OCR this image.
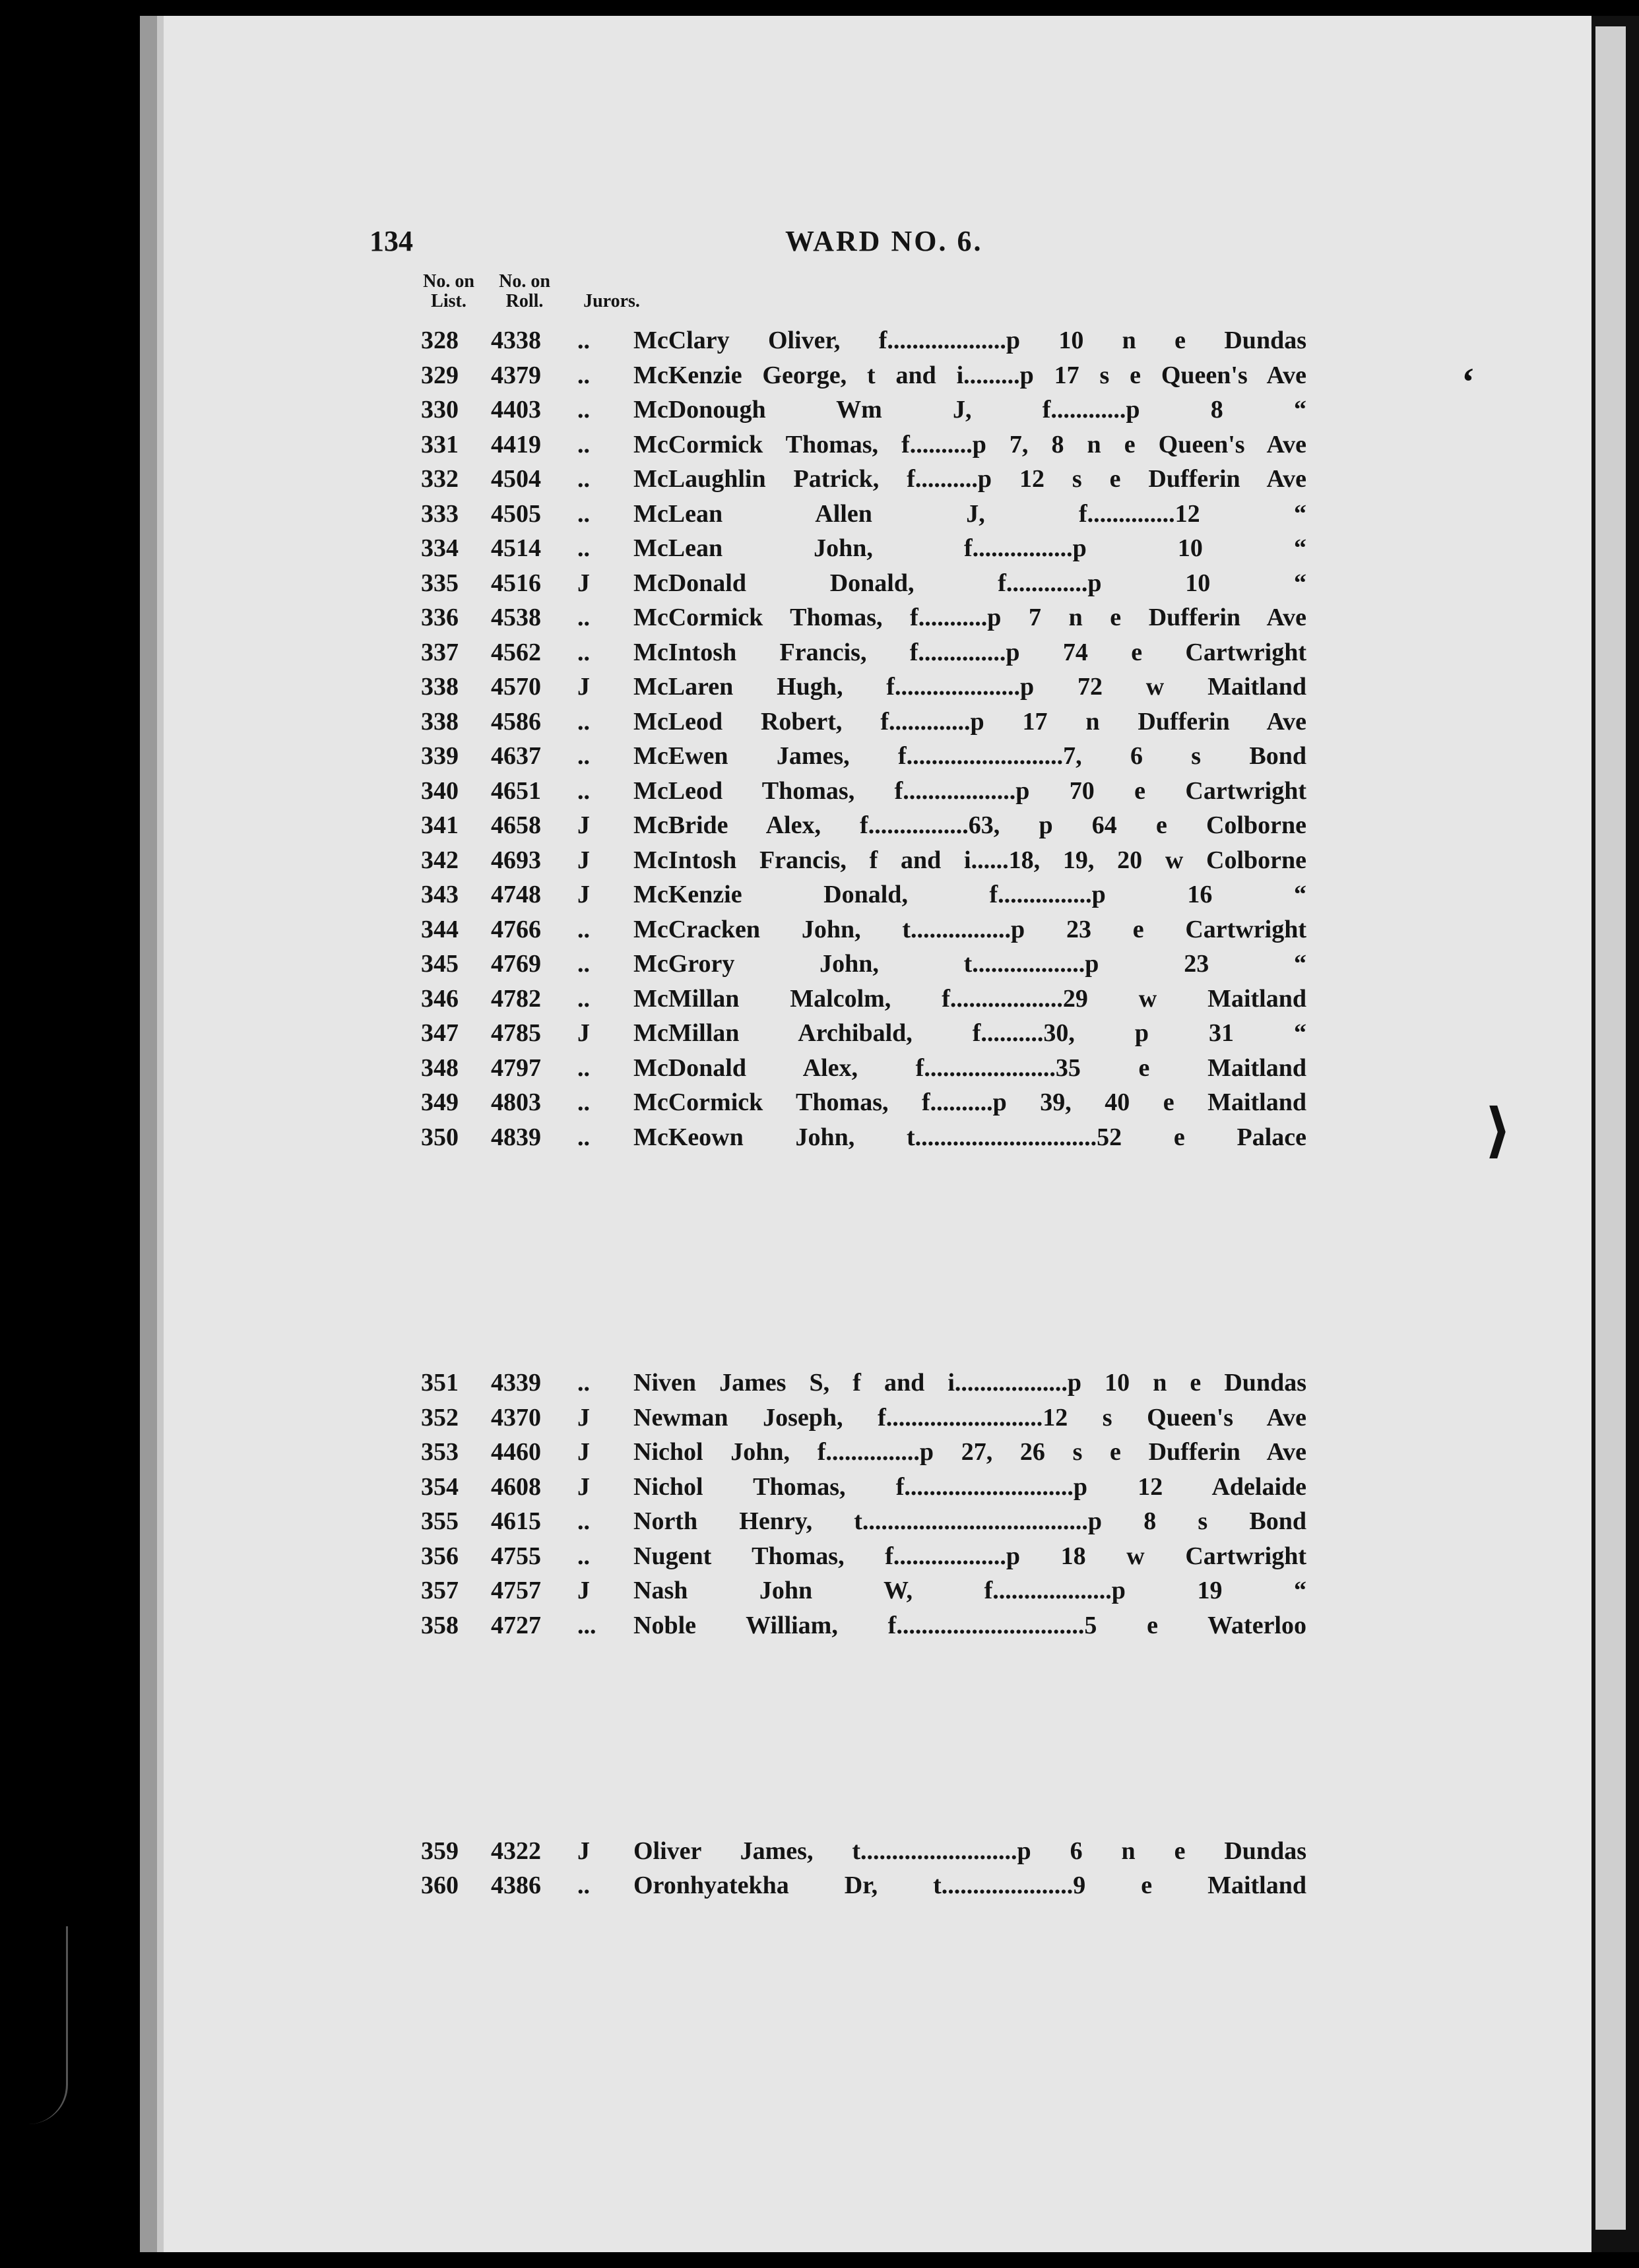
ʻ
⟩
134	WARD NO. 6.
No. on
List.
No. on
Roll.	Jurors.
328 4338 .. McClary Oliver, f...................p 10 n e Dundas
329 4379 .. McKenzie George, t and i.........p 17 s e Queen's Ave
330 4403 .. McDonough Wm J, f............p 8 “
331 4419 .. McCormick Thomas, f..........p 7, 8 n e Queen's Ave
332 4504 .. McLaughlin Patrick, f..........p 12 s e Dufferin Ave
333 4505 .. McLean Allen J, f..............12 “
334 4514 .. McLean John, f................p 10 “
335 4516 J McDonald Donald, f.............p 10 “
336 4538 .. McCormick Thomas, f...........p 7 n e Dufferin Ave
337 4562 .. McIntosh Francis, f..............p 74 e Cartwright
338 4570 J McLaren Hugh, f....................p 72 w Maitland
338 4586 .. McLeod Robert, f.............p 17 n Dufferin Ave
339 4637 .. McEwen James, f.........................7, 6 s Bond
340 4651 .. McLeod Thomas, f..................p 70 e Cartwright
341 4658 J McBride Alex, f................63, p 64 e Colborne
342 4693 J McIntosh Francis, f and i......18, 19, 20 w Colborne
343 4748 J McKenzie Donald, f...............p 16 “
344 4766 .. McCracken John, t................p 23 e Cartwright
345 4769 .. McGrory John, t..................p 23 “
346 4782 .. McMillan Malcolm, f..................29 w Maitland
347 4785 J McMillan Archibald, f..........30, p 31 “
348 4797 .. McDonald Alex, f.....................35 e Maitland
349 4803 .. McCormick Thomas, f..........p 39, 40 e Maitland
350 4839 .. McKeown John, t.............................52 e Palace
351 4339 .. Niven James S, f and i..................p 10 n e Dundas
352 4370 J Newman Joseph, f.........................12 s Queen's Ave
353 4460 J Nichol John, f...............p 27, 26 s e Dufferin Ave
354 4608 J Nichol Thomas, f...........................p 12 Adelaide
355 4615 .. North Henry, t....................................p 8 s Bond
356 4755 .. Nugent Thomas, f..................p 18 w Cartwright
357 4757 J Nash John W, f...................p 19 “
358 4727 ... Noble William, f..............................5 e Waterloo
359 4322 J Oliver James, t.........................p 6 n e Dundas
360 4386 .. Oronhyatekha Dr, t.....................9 e Maitland
